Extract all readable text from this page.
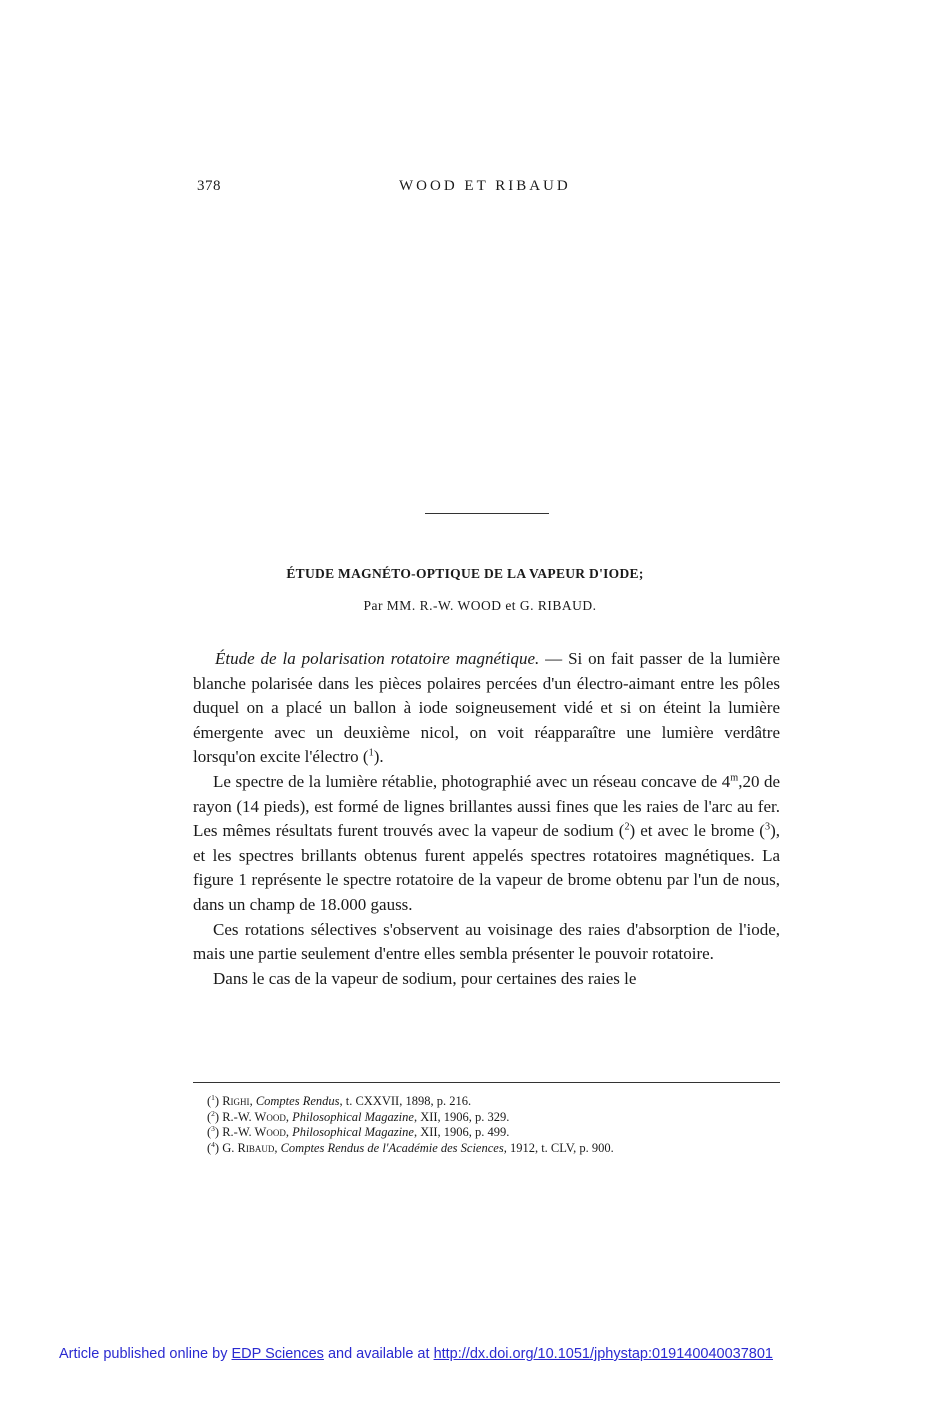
378	WOOD ET RIBAUD
ÉTUDE MAGNÉTO-OPTIQUE DE LA VAPEUR D'IODE;
Par MM. R.-W. WOOD et G. RIBAUD.

Étude de la polarisation rotatoire magnétique. — Si on fait passer de la lumière blanche polarisée dans les pièces polaires percées d'un électro-aimant entre les pôles duquel on a placé un ballon à iode soigneusement vidé et si on éteint la lumière émergente avec un deuxième nicol, on voit réapparaître une lumière verdâtre lorsqu'on excite l'électro ($^1$).

Le spectre de la lumière rétablie, photographié avec un réseau concave de 4$^m$,20 de rayon (14 pieds), est formé de lignes brillantes aussi fines que les raies de l'arc au fer. Les mêmes résultats furent trouvés avec la vapeur de sodium ($^2$) et avec le brome ($^3$), et les spectres brillants obtenus furent appelés spectres rotatoires magnétiques. La figure 1 représente le spectre rotatoire de la vapeur de brome obtenu par l'un de nous, dans un champ de 18.000 gauss.

Ces rotations sélectives s'observent au voisinage des raies d'absorption de l'iode, mais une partie seulement d'entre elles sembla présenter le pouvoir rotatoire.

Dans le cas de la vapeur de sodium, pour certaines des raies le

($^1$) Righi, Comptes Rendus, t. CXXVII, 1898, p. 216.
($^2$) R.-W. Wood, Philosophical Magazine, XII, 1906, p. 329.
($^3$) R.-W. Wood, Philosophical Magazine, XII, 1906, p. 499.
($^4$) G. Ribaud, Comptes Rendus de l'Académie des Sciences, 1912, t. CLV, p. 900.
Article published online by EDP Sciences and available at http://dx.doi.org/10.1051/jphystap:019140040037801
